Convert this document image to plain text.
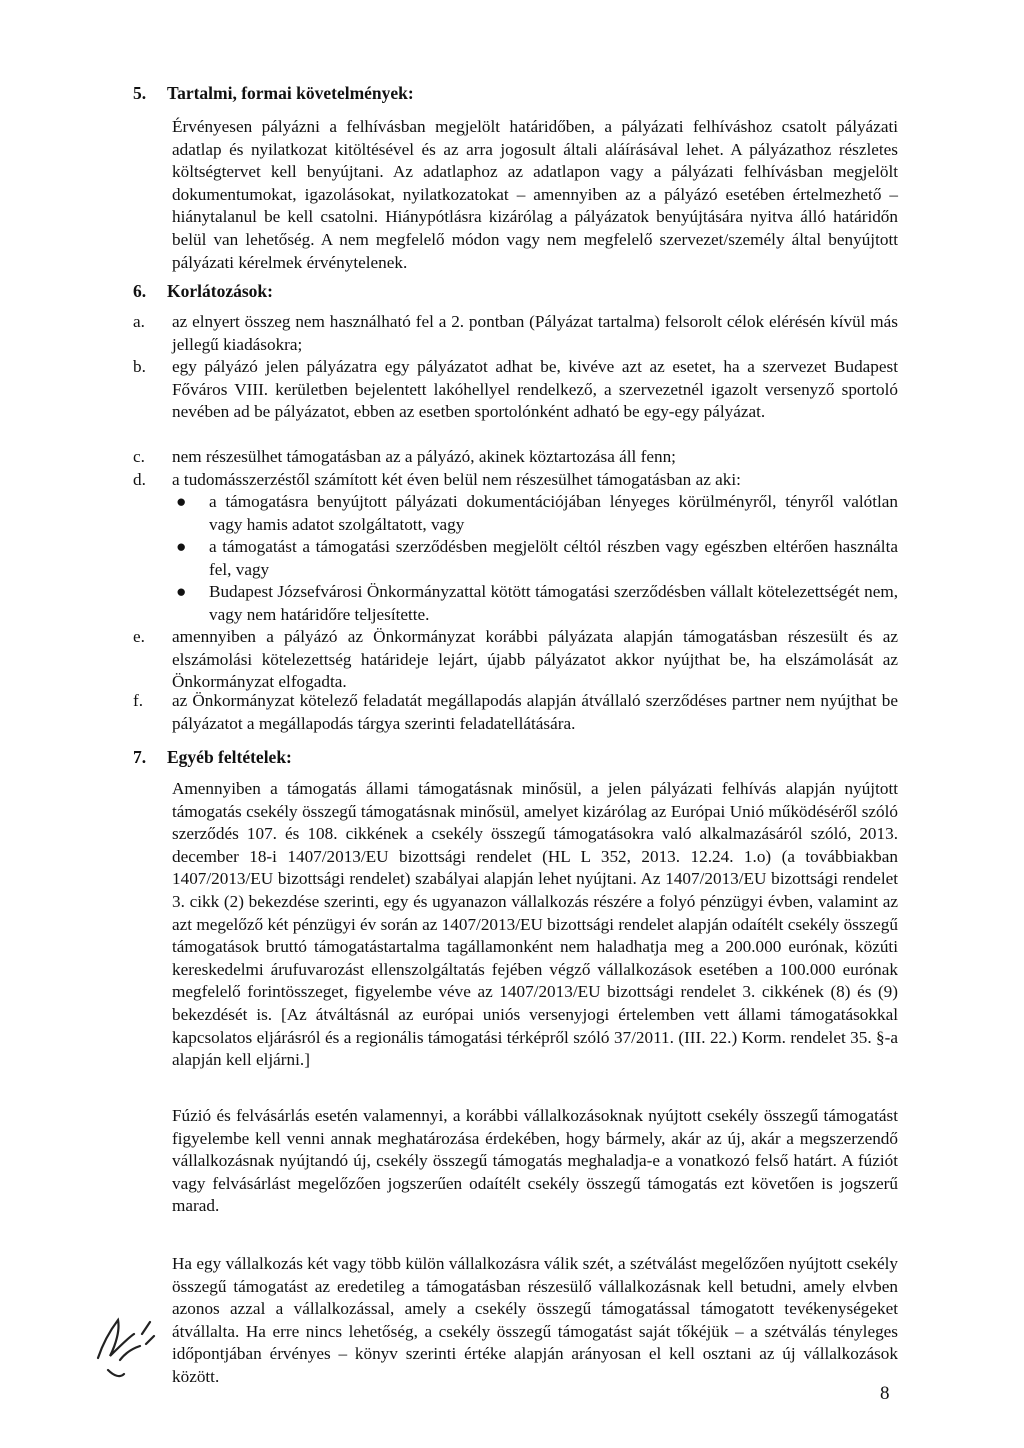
5. Tartalmi, formai követelmények:

Érvényesen pályázni a felhívásban megjelölt határidőben, a pályázati felhíváshoz csatolt pályázati adatlap és nyilatkozat kitöltésével és az arra jogosult általi aláírásával lehet. A pályázathoz részletes költségtervet kell benyújtani. Az adatlaphoz az adatlapon vagy a pályázati felhívásban megjelölt dokumentumokat, igazolásokat, nyilatkozatokat – amennyiben az a pályázó esetében értelmezhető – hiánytalanul be kell csatolni. Hiánypótlásra kizárólag a pályázatok benyújtására nyitva álló határidőn belül van lehetőség. A nem megfelelő módon vagy nem megfelelő szervezet/személy által benyújtott pályázati kérelmek érvénytelenek.

6. Korlátozások:
a. az elnyert összeg nem használható fel a 2. pontban (Pályázat tartalma) felsorolt célok elérésén kívül más jellegű kiadásokra;
b. egy pályázó jelen pályázatra egy pályázatot adhat be, kivéve azt az esetet, ha a szervezet Budapest Főváros VIII. kerületben bejelentett lakóhellyel rendelkező, a szervezetnél igazolt versenyző sportoló nevében ad be pályázatot, ebben az esetben sportolónként adható be egy-egy pályázat.
c. nem részesülhet támogatásban az a pályázó, akinek köztartozása áll fenn;
d. a tudomásszerzéstől számított két éven belül nem részesülhet támogatásban az aki:
● a támogatásra benyújtott pályázati dokumentációjában lényeges körülményről, tényről valótlan vagy hamis adatot szolgáltatott, vagy
● a támogatást a támogatási szerződésben megjelölt céltól részben vagy egészben eltérően használta fel, vagy
● Budapest Józsefvárosi Önkormányzattal kötött támogatási szerződésben vállalt kötelezettségét nem, vagy nem határidőre teljesítette.
e. amennyiben a pályázó az Önkormányzat korábbi pályázata alapján támogatásban részesült és az elszámolási kötelezettség határideje lejárt, újabb pályázatot akkor nyújthat be, ha elszámolását az Önkormányzat elfogadta.
f. az Önkormányzat kötelező feladatát megállapodás alapján átvállaló szerződéses partner nem nyújthat be pályázatot a megállapodás tárgya szerinti feladatellátására.
7. Egyéb feltételek:

Amennyiben a támogatás állami támogatásnak minősül, a jelen pályázati felhívás alapján nyújtott támogatás csekély összegű támogatásnak minősül, amelyet kizárólag az Európai Unió működéséről szóló szerződés 107. és 108. cikkének a csekély összegű támogatásokra való alkalmazásáról szóló, 2013. december 18-i 1407/2013/EU bizottsági rendelet (HL L 352, 2013. 12.24. 1.o) (a továbbiakban 1407/2013/EU bizottsági rendelet) szabályai alapján lehet nyújtani. Az 1407/2013/EU bizottsági rendelet 3. cikk (2) bekezdése szerinti, egy és ugyanazon vállalkozás részére a folyó pénzügyi évben, valamint az azt megelőző két pénzügyi év során az 1407/2013/EU bizottsági rendelet alapján odaítélt csekély összegű támogatások bruttó támogatástartalma tagállamonként nem haladhatja meg a 200.000 eurónak, közúti kereskedelmi árufuvarozást ellenszolgáltatás fejében végző vállalkozások esetében a 100.000 eurónak megfelelő forintösszeget, figyelembe véve az 1407/2013/EU bizottsági rendelet 3. cikkének (8) és (9) bekezdését is. [Az átváltásnál az európai uniós versenyjogi értelemben vett állami támogatásokkal kapcsolatos eljárásról és a regionális támogatási térképről szóló 37/2011. (III. 22.) Korm. rendelet 35. §-a alapján kell eljárni.]

Fúzió és felvásárlás esetén valamennyi, a korábbi vállalkozásoknak nyújtott csekély összegű támogatást figyelembe kell venni annak meghatározása érdekében, hogy bármely, akár az új, akár a megszerzendő vállalkozásnak nyújtandó új, csekély összegű támogatás meghaladja-e a vonatkozó felső határt. A fúziót vagy felvásárlást megelőzően jogszerűen odaítélt csekély összegű támogatás ezt követően is jogszerű marad.

Ha egy vállalkozás két vagy több külön vállalkozásra válik szét, a szétválást megelőzően nyújtott csekély összegű támogatást az eredetileg a támogatásban részesülő vállalkozásnak kell betudni, amely elvben azonos azzal a vállalkozással, amely a csekély összegű támogatással támogatott tevékenységeket átvállalta. Ha erre nincs lehetőség, a csekély összegű támogatást saját tőkéjük – a szétválás tényleges időpontjában érvényes – könyv szerinti értéke alapján arányosan el kell osztani az új vállalkozások között.

8
